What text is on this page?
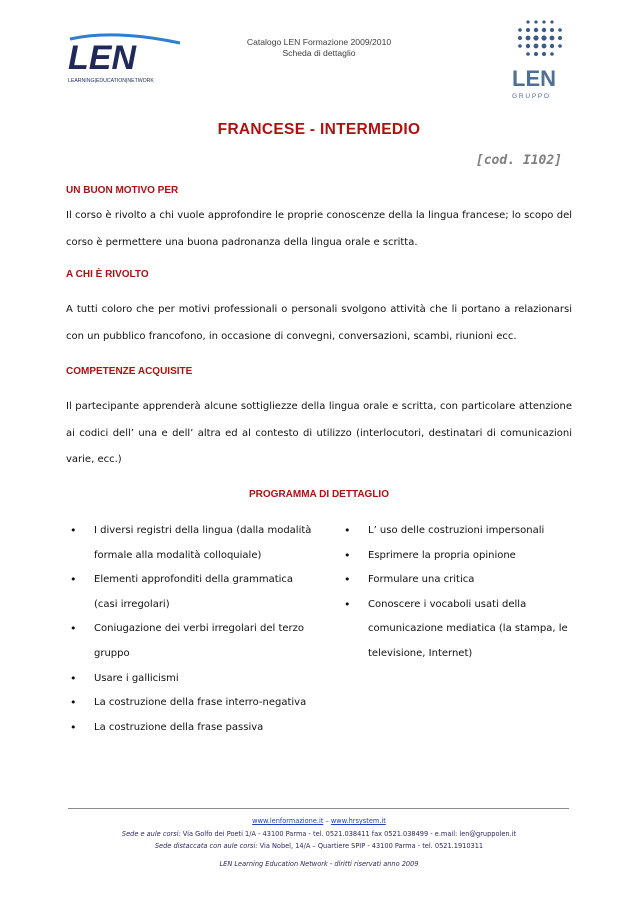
LEN
LEARNING|EDUCATION|NETWORK	LEN
G R U P P O
Catalogo LEN Formazione 2009/2010
Scheda di dettaglio
FRANCESE - INTERMEDIO
[cod. I102]
UN BUON MOTIVO PER
Il corso è rivolto a chi vuole approfondire le proprie conoscenze della la lingua francese; lo scopo del corso è permettere una buona padronanza della lingua orale e scritta.
A CHI È RIVOLTO
A tutti coloro che per motivi professionali o personali svolgono attività che li portano a relazionarsi con un pubblico francofono, in occasione di convegni, conversazioni, scambi, riunioni ecc.
COMPETENZE ACQUISITE
Il partecipante apprenderà alcune sottigliezze della lingua orale e scritta, con particolare attenzione ai codici dell’ una e dell’ altra ed al contesto di utilizzo (interlocutori, destinatari di comunicazioni varie, ecc.)
PROGRAMMA DI DETTAGLIO
• I diversi registri della lingua (dalla modalità formale alla modalità colloquiale)
• Elementi approfonditi della grammatica (casi irregolari)
• Coniugazione dei verbi irregolari del terzo gruppo
• Usare i gallicismi
• La costruzione della frase interro-negativa
• La costruzione della frase passiva
• L’ uso delle costruzioni impersonali
• Esprimere la propria opinione
• Formulare una critica
• Conoscere i vocaboli usati della comunicazione mediatica (la stampa, le televisione, Internet)
www.lenformazione.it – www.hrsystem.it
Sede e aule corsi: Via Golfo dei Poeti 1/A - 43100 Parma - tel. 0521.038411 fax 0521.038499 - e.mail: len@gruppolen.it
Sede distaccata con aule corsi: Via Nobel, 14/A – Quartiere SPIP - 43100 Parma - tel. 0521.1910311
LEN Learning Education Network - diritti riservati anno 2009
